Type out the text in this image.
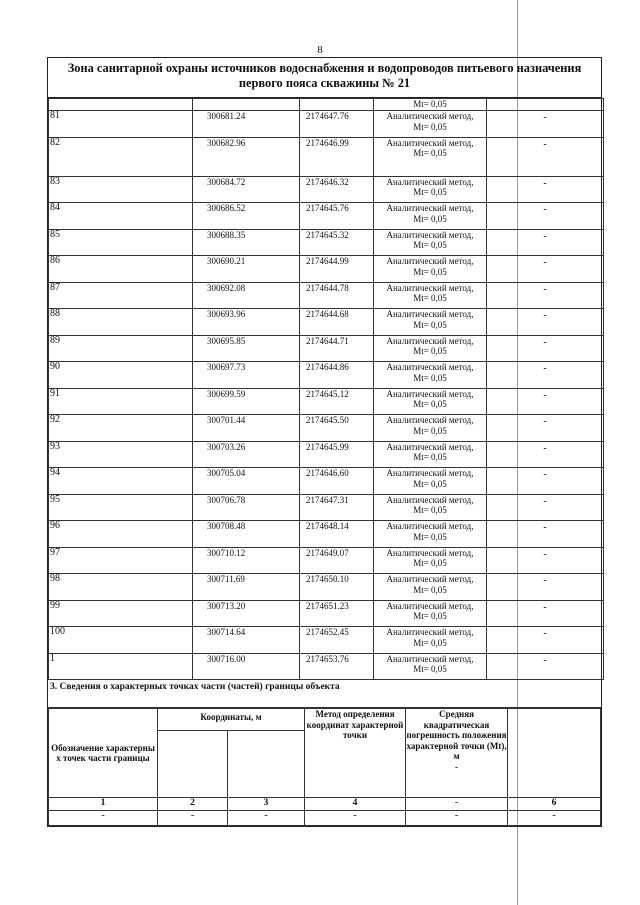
8
Зона санитарной охраны источников водоснабжения и водопроводов питьевого назначения первого пояса скважины № 21
			Mt= 0,05		
81	300681.24	2174647.76	Аналитический метод,
Mt= 0,05	-	
82	300682.96	2174646.99	Аналитический метод,
Mt= 0,05	-	
83	300684.72	2174646.32	Аналитический метод,
Mt= 0,05	-	
84	300686.52	2174645.76	Аналитический метод,
Mt= 0,05	-	
85	300688.35	2174645.32	Аналитический метод,
Mt= 0,05	-	
86	300690.21	2174644.99	Аналитический метод,
Mt= 0,05	-	
87	300692.08	2174644.78	Аналитический метод,
Mt= 0,05	-	
88	300693.96	2174644.68	Аналитический метод,
Mt= 0,05	-	
89	300695.85	2174644.71	Аналитический метод,
Mt= 0,05	-	
90	300697.73	2174644.86	Аналитический метод,
Mt= 0,05	-	
91	300699.59	2174645.12	Аналитический метод,
Mt= 0,05	-	
92	300701.44	2174645.50	Аналитический метод,
Mt= 0,05	-	
93	300703.26	2174645.99	Аналитический метод,
Mt= 0,05	-	
94	300705.04	2174646.60	Аналитический метод,
Mt= 0,05	-	
95	300706.78	2174647.31	Аналитический метод,
Mt= 0,05	-	
96	300708.48	2174648.14	Аналитический метод,
Mt= 0,05	-	
97	300710.12	2174649.07	Аналитический метод,
Mt= 0,05	-	
98	300711.69	2174650.10	Аналитический метод,
Mt= 0,05	-	
99	300713.20	2174651.23	Аналитический метод,
Mt= 0,05	-	
100	300714.64	2174652.45	Аналитический метод,
Mt= 0,05	-	
1	300716.00	2174653.76	Аналитический метод,
Mt= 0,05	-	
3. Сведения о характерных точках части (частей) границы объекта
Обозначение характерны х точек части границы	Координаты, м		Метод определения координат характерной точки	Средняя квадратическая погрешность положения характерной точки (Mt), м
-	

1	2	3	4	-	6
-	-	-	-	-	-
